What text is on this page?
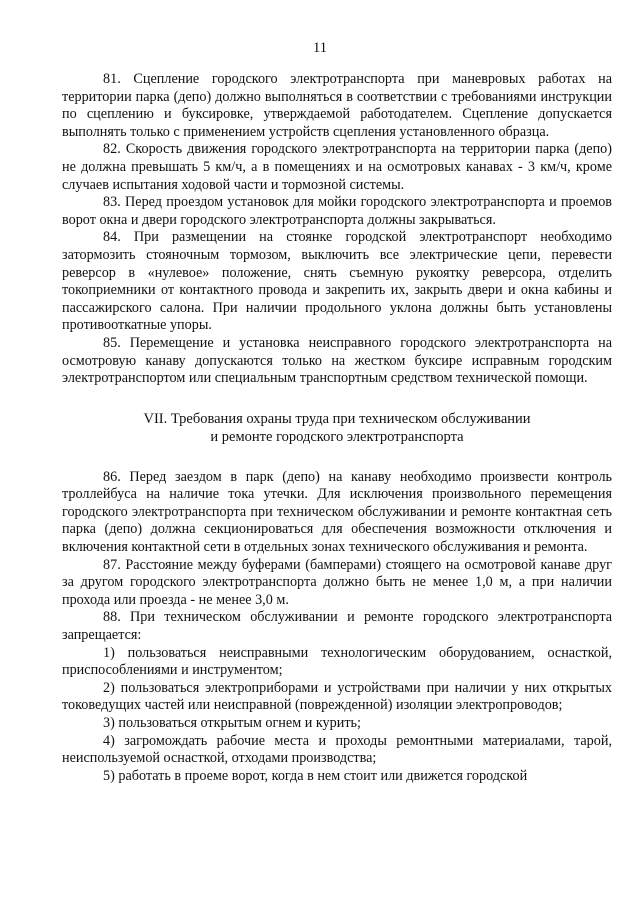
11

81. Сцепление городского электротранспорта при маневровых работах на территории парка (депо) должно выполняться в соответствии с требованиями инструкции по сцеплению и буксировке, утверждаемой работодателем. Сцепление допускается выполнять только с применением устройств сцепления установленного образца.

82. Скорость движения городского электротранспорта на территории парка (депо) не должна превышать 5 км/ч, а в помещениях и на осмотровых канавах - 3 км/ч, кроме случаев испытания ходовой части и тормозной системы.

83. Перед проездом установок для мойки городского электротранспорта и проемов ворот окна и двери городского электротранспорта должны закрываться.

84. При размещении на стоянке городской электротранспорт необходимо затормозить стояночным тормозом, выключить все электрические цепи, перевести реверсор в «нулевое» положение, снять съемную рукоятку реверсора, отделить токоприемники от контактного провода и закрепить их, закрыть двери и окна кабины и пассажирского салона. При наличии продольного уклона должны быть установлены противооткатные упоры.

85. Перемещение и установка неисправного городского электротранспорта на осмотровую канаву допускаются только на жестком буксире исправным городским электротранспортом или специальным транспортным средством технической помощи.

VII. Требования охраны труда при техническом обслуживании
и ремонте городского электротранспорта

86. Перед заездом в парк (депо) на канаву необходимо произвести контроль троллейбуса на наличие тока утечки. Для исключения произвольного перемещения городского электротранспорта при техническом обслуживании и ремонте контактная сеть парка (депо) должна секционироваться для обеспечения возможности отключения и включения контактной сети в отдельных зонах технического обслуживания и ремонта.

87. Расстояние между буферами (бамперами) стоящего на осмотровой канаве друг за другом городского электротранспорта должно быть не менее 1,0 м, а при наличии прохода или проезда - не менее 3,0 м.

88. При техническом обслуживании и ремонте городского электротранспорта запрещается:

1) пользоваться неисправными технологическим оборудованием, оснасткой, приспособлениями и инструментом;

2) пользоваться электроприборами и устройствами при наличии у них открытых токоведущих частей или неисправной (поврежденной) изоляции электропроводов;

3) пользоваться открытым огнем и курить;

4) загромождать рабочие места и проходы ремонтными материалами, тарой, неиспользуемой оснасткой, отходами производства;

5) работать в проеме ворот, когда в нем стоит или движется городской
